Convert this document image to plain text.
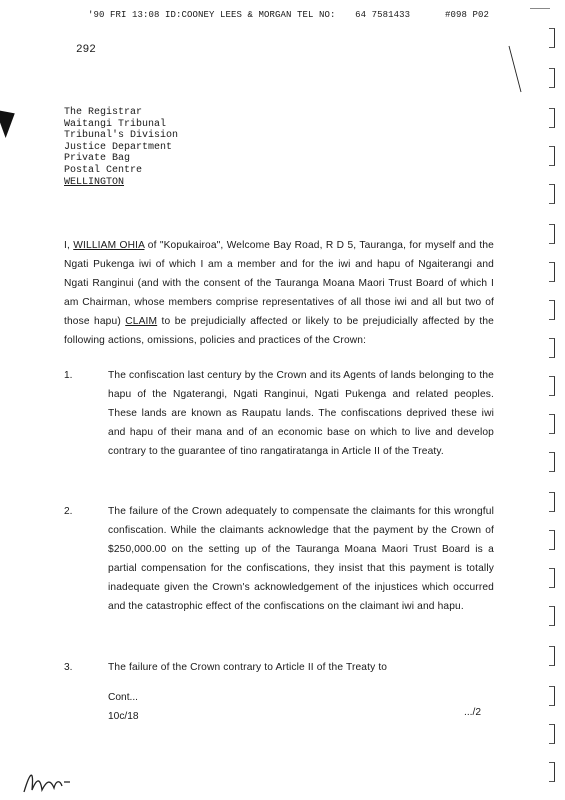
'90 FRI 13:08 ID:COONEY LEES & MORGAN TEL NO: 64 7581433	#098 P02
292
The Registrar
Waitangi Tribunal
Tribunal's Division
Justice Department
Private Bag
Postal Centre
WELLINGTON
I, WILLIAM OHIA of "Kopukairoa", Welcome Bay Road, R D 5, Tauranga, for myself and the Ngati Pukenga iwi of which I am a member and for the iwi and hapu of Ngaiterangi and Ngati Ranginui (and with the consent of the Tauranga Moana Maori Trust Board of which I am Chairman, whose members comprise representatives of all those iwi and all but two of those hapu) CLAIM to be prejudicially affected or likely to be prejudicially affected by the following actions, omissions, policies and practices of the Crown:
1.	The confiscation last century by the Crown and its Agents of lands belonging to the hapu of the Ngaterangi, Ngati Ranginui, Ngati Pukenga and related peoples. These lands are known as Raupatu lands. The confiscations deprived these iwi and hapu of their mana and of an economic base on which to live and develop contrary to the guarantee of tino rangatiratanga in Article II of the Treaty.
2.	The failure of the Crown adequately to compensate the claimants for this wrongful confiscation. While the claimants acknowledge that the payment by the Crown of $250,000.00 on the setting up of the Tauranga Moana Maori Trust Board is a partial compensation for the confiscations, they insist that this payment is totally inadequate given the Crown's acknowledgement of the injustices which occurred and the catastrophic effect of the confiscations on the claimant iwi and hapu.
3.	The failure of the Crown contrary to Article II of the Treaty to
Cont...
10c/18	.../2
